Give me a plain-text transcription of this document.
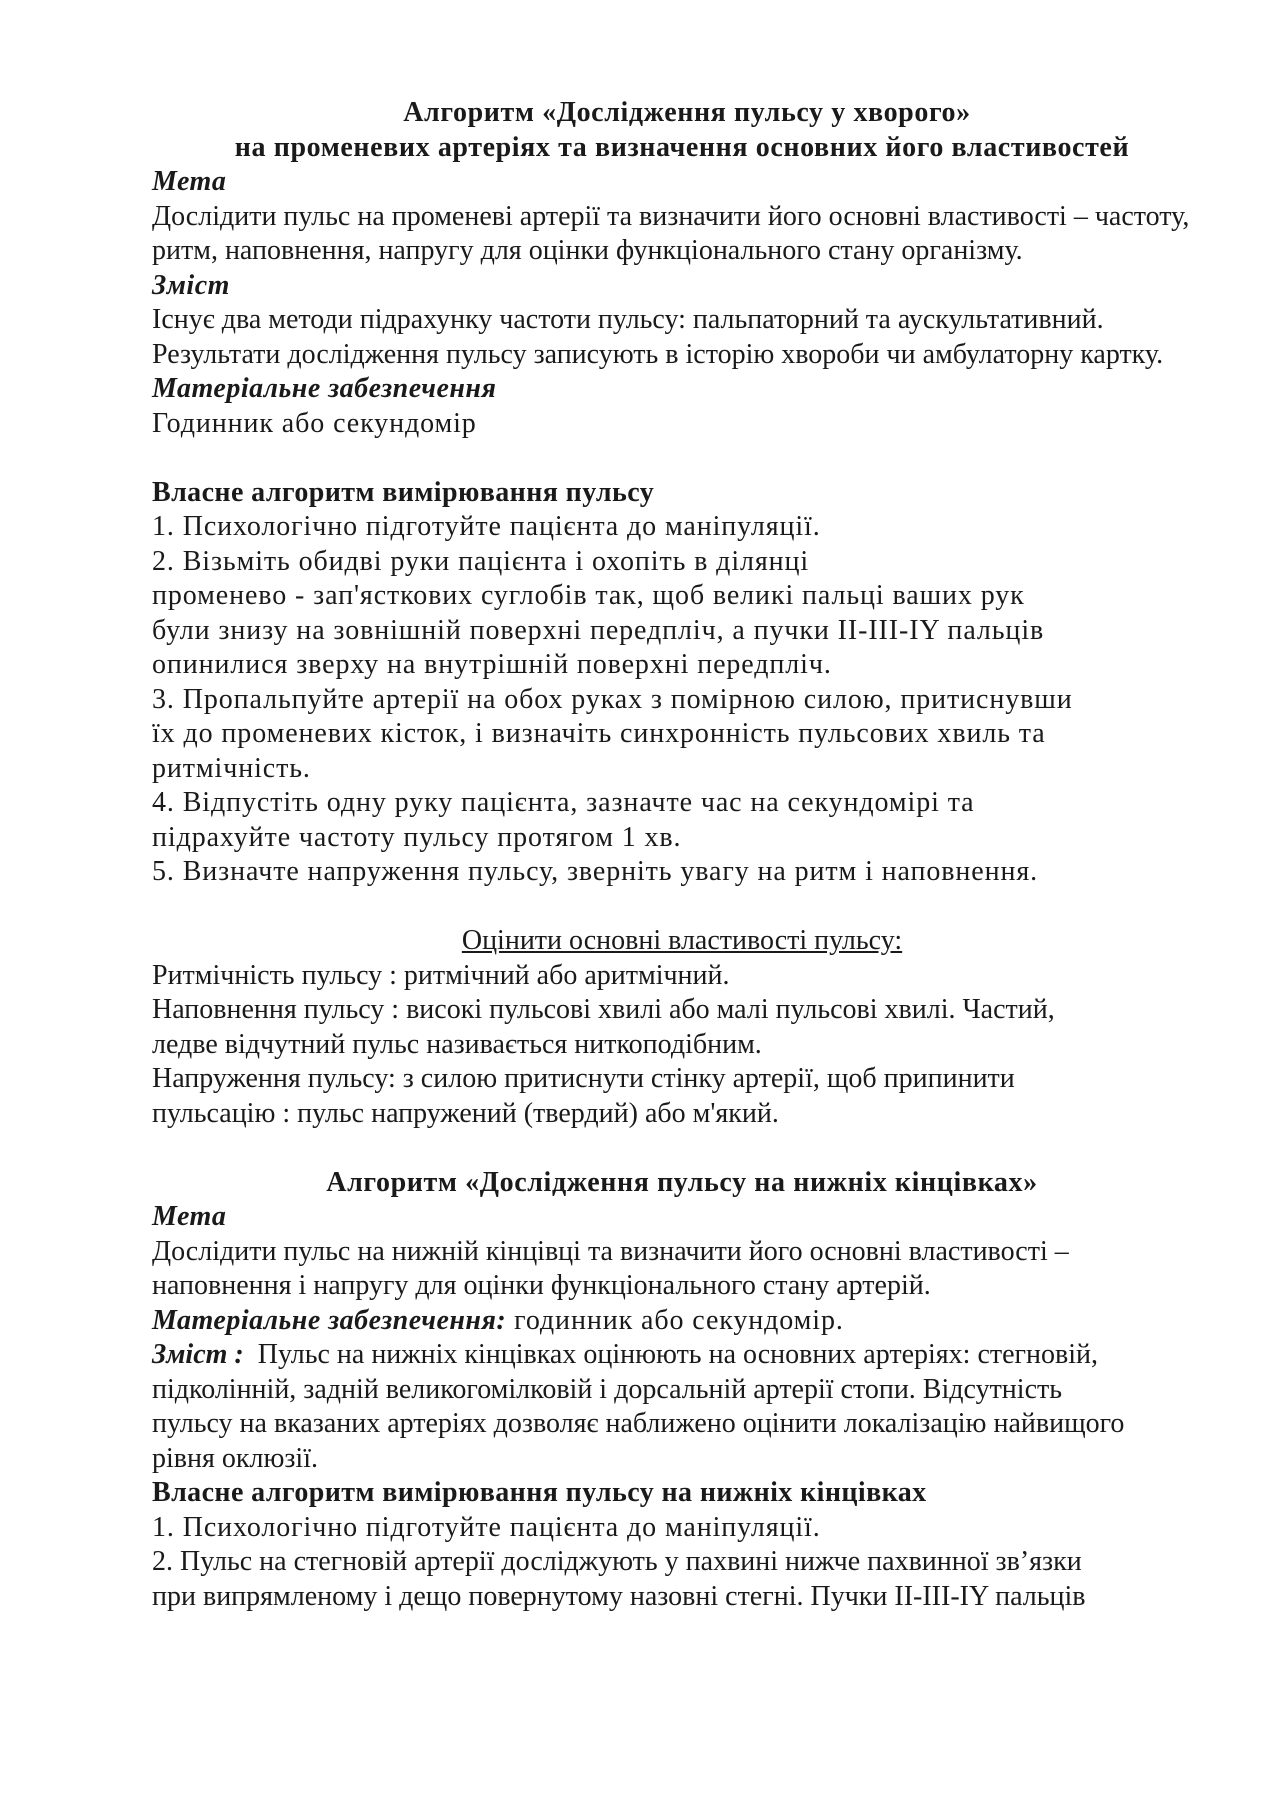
Алгоритм «Дослідження пульсу у хворого»
на променевих артеріях та визначення основних його властивостей
Мета
Дослідити пульс на променеві артерії та визначити його основні властивості – частоту, ритм, наповнення, напругу для оцінки функціонального стану організму.
Зміст
Існує два методи підрахунку частоти пульсу: пальпаторний та аускультативний. Результати дослідження пульсу записують в історію хвороби чи амбулаторну картку.
Матеріальне забезпечення
Годинник або секундомір
Власне алгоритм вимірювання пульсу
1. Психологічно підготуйте пацієнта до маніпуляції.
2. Візьміть обидві руки пацієнта і охопіть в ділянці
променево - зап'ясткових суглобів так, щоб великі пальці ваших рук
були знизу на зовнішній поверхні передпліч, а пучки II-III-IY пальців
опинилися зверху на внутрішній поверхні передпліч.
3. Пропальпуйте артерії на обох руках з помірною силою, притиснувши
їх до променевих кісток, і визначіть синхронність пульсових хвиль та
ритмічність.
4. Відпустіть одну руку пацієнта, зазначте час на секундомірі та
підрахуйте частоту пульсу протягом 1 хв.
5. Визначте напруження пульсу, зверніть увагу на ритм і наповнення.
Оцінити основні властивості пульсу:
Ритмічність пульсу : ритмічний або аритмічний.
Наповнення пульсу : високі пульсові хвилі або малі пульсові хвилі. Частий,
ледве відчутний пульс називається ниткоподібним.
Напруження пульсу: з силою притиснути стінку артерії, щоб припинити
пульсацію : пульс напружений (твердий) або м'який.
Алгоритм «Дослідження пульсу на нижніх кінцівках»
Мета
Дослідити пульс на нижній кінцівці та визначити його основні властивості –
наповнення і напругу для оцінки функціонального стану артерій.
Матеріальне забезпечення: годинник або секундомір.
Зміст :  Пульс на нижніх кінцівках оцінюють на основних артеріях: стегновій,
підколінній, задній великогомілковій і дорсальній артерії стопи. Відсутність
пульсу на вказаних артеріях дозволяє наближено оцінити локалізацію найвищого
рівня оклюзії.
Власне алгоритм вимірювання пульсу на нижніх кінцівках
1. Психологічно підготуйте пацієнта до маніпуляції.
2. Пульс на стегновій артерії досліджують у пахвині нижче пахвинної зв’язки
при випрямленому і дещо повернутому назовні стегні. Пучки II-III-IY пальців
